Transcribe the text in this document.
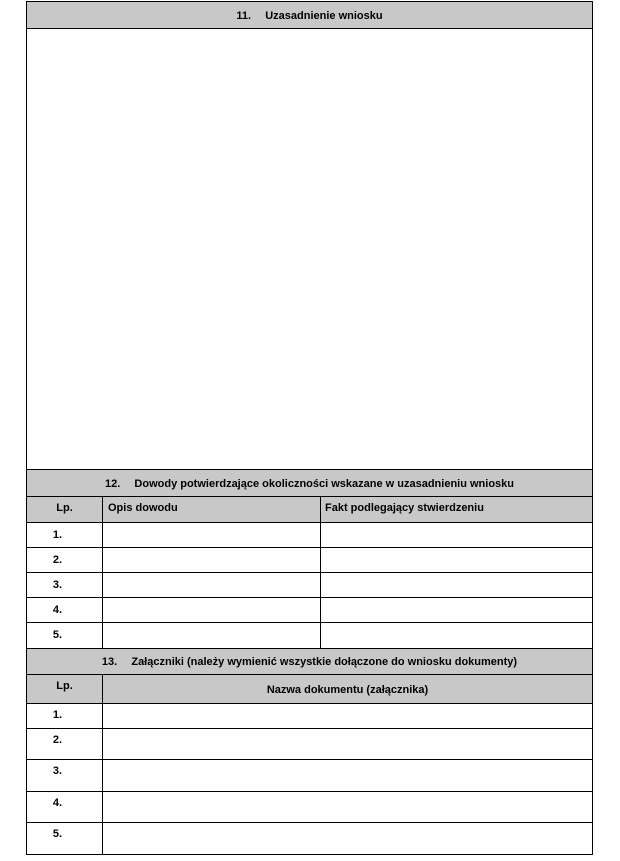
11. Uzasadnienie wniosku
12. Dowody potwierdzające okoliczności wskazane w uzasadnieniu wniosku
Lp.	Opis dowodu	Fakt podlegający stwierdzeniu
1.
2.
3.
4.
5.
13. Załączniki (należy wymienić wszystkie dołączone do wniosku dokumenty)
Lp.	Nazwa dokumentu (załącznika)
1.
2.
3.
4.
5.
